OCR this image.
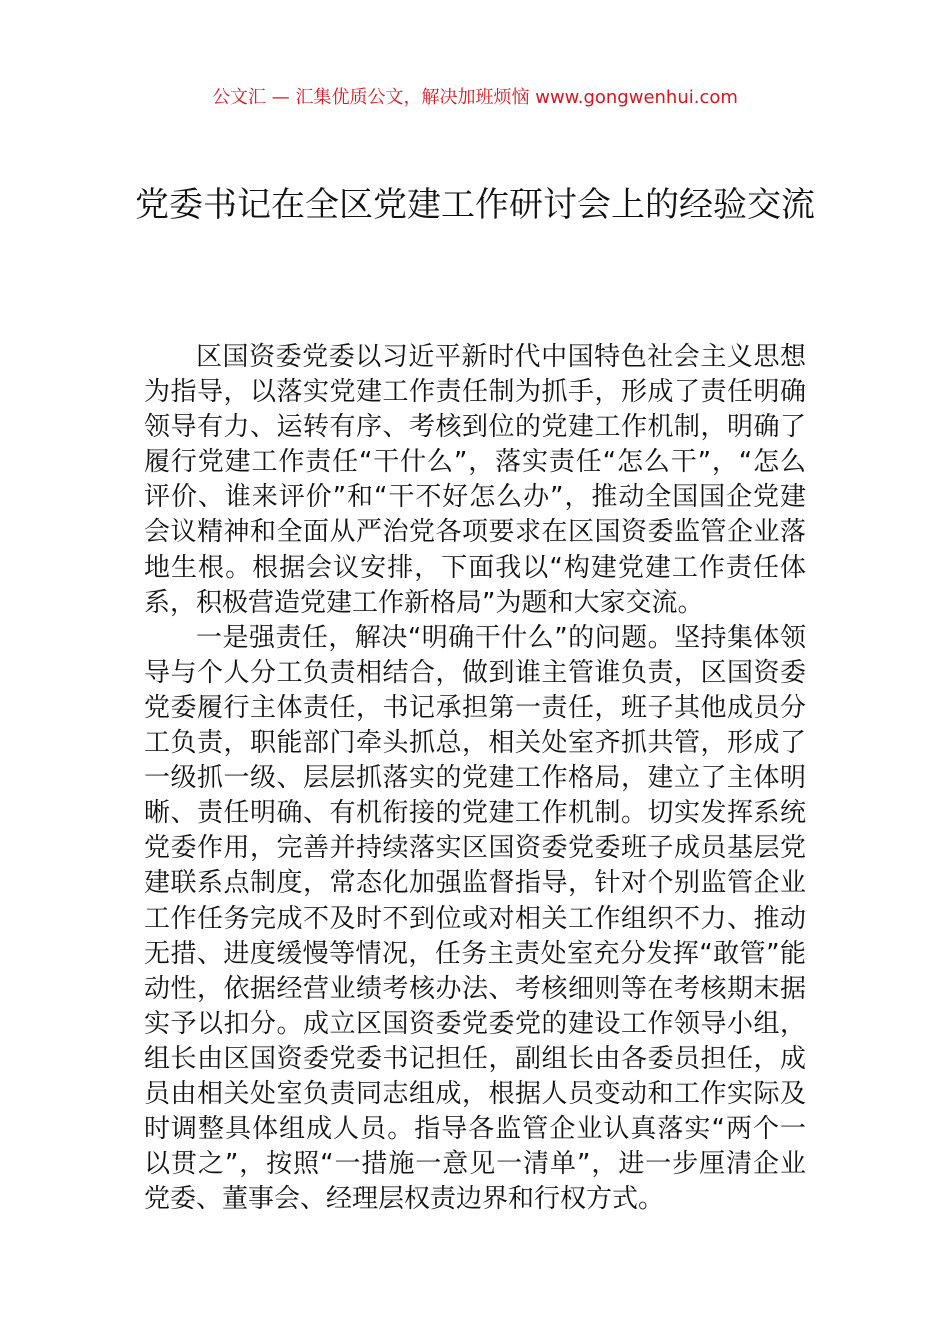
公文汇 — 汇集优质公文，解决加班烦恼 www.gongwenhui.com
党委书记在全区党建工作研讨会上的经验交流

区国资委党委以习近平新时代中国特色社会主义思想为指导，以落实党建工作责任制为抓手，形成了责任明确领导有力、运转有序、考核到位的党建工作机制，明确了履行党建工作责任“干什么”，落实责任“怎么干”，“怎么评价、谁来评价”和“干不好怎么办”，推动全国国企党建会议精神和全面从严治党各项要求在区国资委监管企业落地生根。根据会议安排，下面我以“构建党建工作责任体系，积极营造党建工作新格局”为题和大家交流。

一是强责任，解决“明确干什么”的问题。坚持集体领导与个人分工负责相结合，做到谁主管谁负责，区国资委党委履行主体责任，书记承担第一责任，班子其他成员分工负责，职能部门牵头抓总，相关处室齐抓共管，形成了一级抓一级、层层抓落实的党建工作格局，建立了主体明晰、责任明确、有机衔接的党建工作机制。切实发挥系统党委作用，完善并持续落实区国资委党委班子成员基层党建联系点制度，常态化加强监督指导，针对个别监管企业工作任务完成不及时不到位或对相关工作组织不力、推动无措、进度缓慢等情况，任务主责处室充分发挥“敢管”能动性，依据经营业绩考核办法、考核细则等在考核期末据实予以扣分。成立区国资委党委党的建设工作领导小组，组长由区国资委党委书记担任，副组长由各委员担任，成员由相关处室负责同志组成，根据人员变动和工作实际及时调整具体组成人员。指导各监管企业认真落实“两个一以贯之”，按照“一措施一意见一清单”，进一步厘清企业党委、董事会、经理层权责边界和行权方式。
